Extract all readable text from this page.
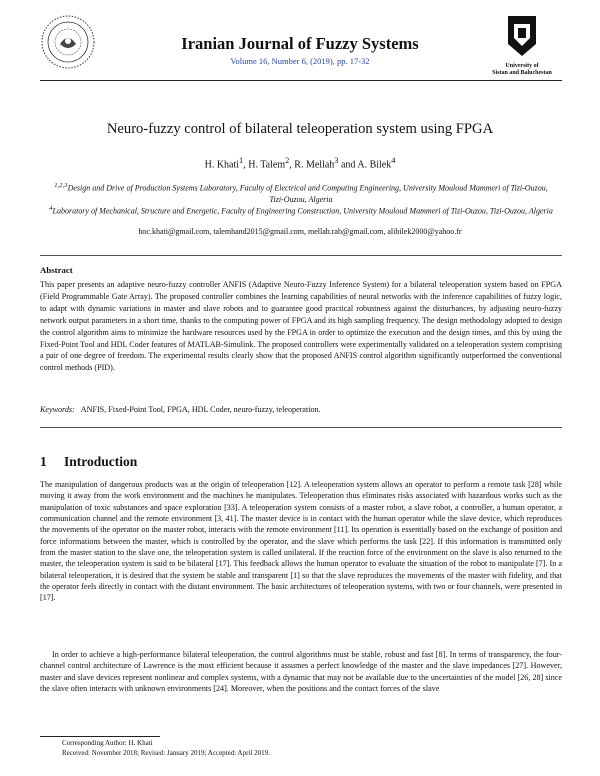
Iranian Journal of Fuzzy Systems
Volume 16, Number 6, (2019), pp. 17-32	University of
Sistan and Baluchestan
Neuro-fuzzy control of bilateral teleoperation system using FPGA
H. Khati$^1$, H. Talem$^2$, R. Mellah$^3$ and A. Bilek$^4$
$^{1,2,3}$Design and Drive of Production Systems Laboratory, Faculty of Electrical and Computing Engineering, University Mouloud Mammeri of Tizi-Ouzou, Tizi-Ouzou, Algeria
$^4$Laboratory of Mechanical, Structure and Energetic, Faculty of Engineering Construction, University Mouloud Mammeri of Tizi-Ouzou, Tizi-Ouzou, Algeria
hoc.khati@gmail.com, talemhand2015@gmail.com, mellah.rab@gmail.com, alibilek2000@yahoo.fr
Abstract
This paper presents an adaptive neuro-fuzzy controller ANFIS (Adaptive Neuro-Fuzzy Inference System) for a bilateral teleoperation system based on FPGA (Field Programmable Gate Array). The proposed controller combines the learning capabilities of neural networks with the inference capabilities of fuzzy logic, to adapt with dynamic variations in master and slave robots and to guarantee good practical robustness against the disturbances, by adjusting neuro-fuzzy network output parameters in a short time, thanks to the computing power of FPGA and its high sampling frequency. The design methodology adopted to design the control algorithm aims to minimize the hardware resources used by the FPGA in order to optimize the execution and the design times, and this by using the Fixed-Point Tool and HDL Coder features of MATLAB-Simulink. The proposed controllers were experimentally validated on a teleoperation system comprising a pair of one degree of freedom. The experimental results clearly show that the proposed ANFIS control algorithm significantly outperformed the conventional control methods (PID).
Keywords: ANFIS, Fixed-Point Tool, FPGA, HDL Coder, neuro-fuzzy, teleoperation.
1 Introduction
The manipulation of dangerous products was at the origin of teleoperation [12]. A teleoperation system allows an operator to perform a remote task [28] while moving it away from the work environment and the machines he manipulates. Teleoperation thus eliminates risks associated with hazardous works such as the manipulation of toxic substances and space exploration [33]. A teleoperation system consists of a master robot, a slave robot, a controller, a human operator, a communication channel and the remote environment [3, 41]. The master device is in contact with the human operator while the slave device, which reproduces the movements of the operator on the master robot, interacts with the remote environment [11]. Its operation is essentially based on the exchange of position and force informations between the master, which is controlled by the operator, and the slave which performs the task [22]. If this information is transmitted only from the master station to the slave one, the teleoperation system is called unilateral. If the reaction force of the environment on the slave is also returned to the master, the teleoperation system is said to be bilateral [17]. This feedback allows the human operator to evaluate the situation of the robot to manipulate [7]. In a bilateral teleoperation, it is desired that the system be stable and transparent [1] so that the slave reproduces the movements of the master with fidelity, and that the operator feels directly in contact with the distant environment. The basic architectures of teleoperation systems, with two or four channels, were presented in [17].
In order to achieve a high-performance bilateral teleoperation, the control algorithms must be stable, robust and fast [8]. In terms of transparency, the four-channel control architecture of Lawrence is the most efficient because it assumes a perfect knowledge of the master and the slave impedances [27]. However, master and slave devices represent nonlinear and complex systems, with a dynamic that may not be available due to the uncertainties of the model [26, 28] since the slave often interacts with unknown environments [24]. Moreover, when the positions and the contact forces of the slave
Corresponding Author: H. Khati
Received: November 2018; Revised: January 2019; Accepted: April 2019.
